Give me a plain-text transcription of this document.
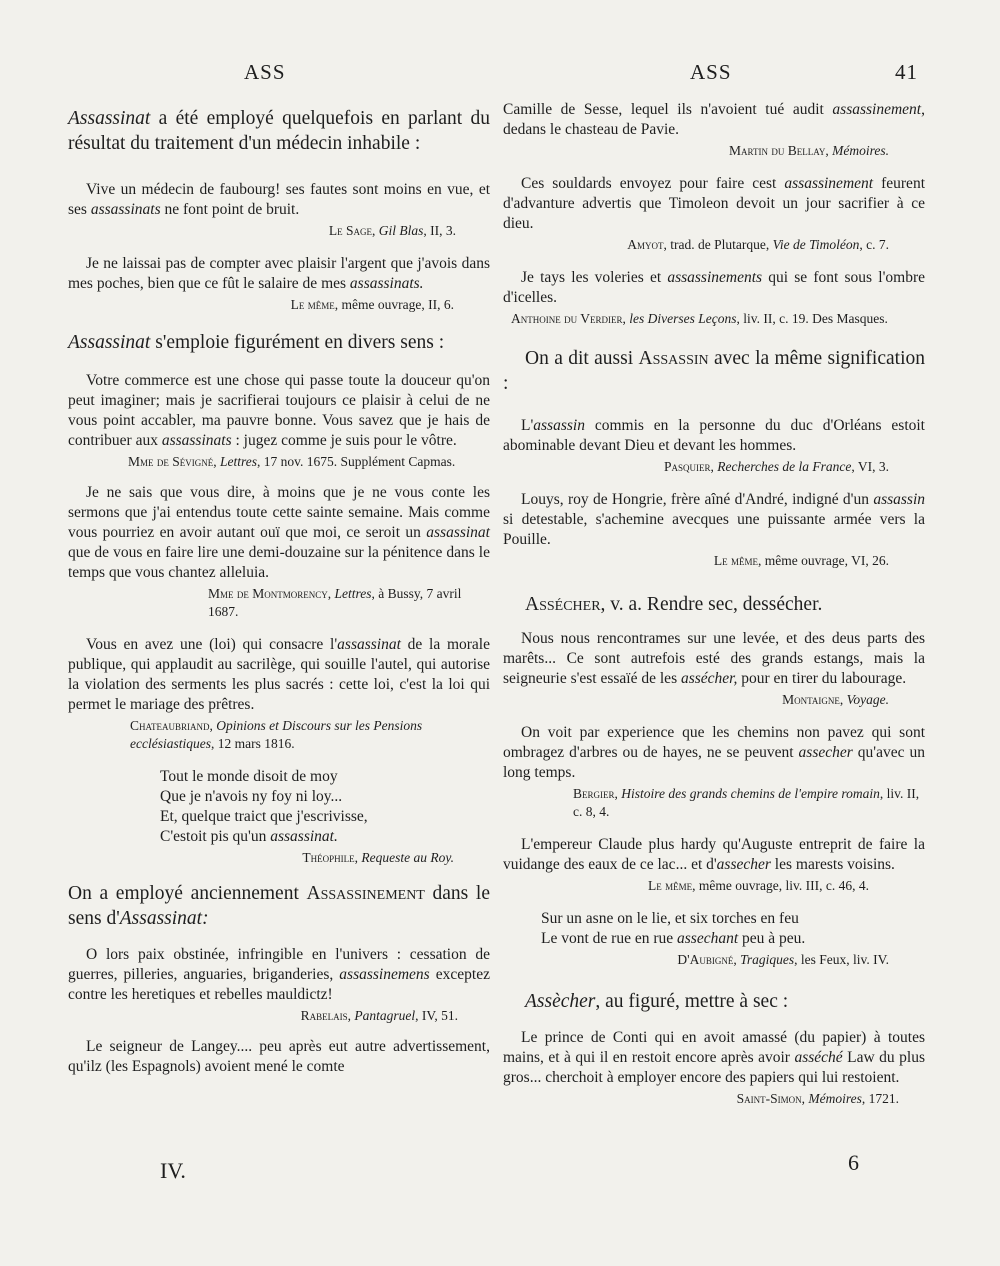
ASS	ASS	41
Assassinat a été employé quelquefois en parlant du résultat du traitement d'un médecin inhabile :
Vive un médecin de faubourg! ses fautes sont moins en vue, et ses assassinats ne font point de bruit.
Le Sage, Gil Blas, II, 3.
Je ne laissai pas de compter avec plaisir l'argent que j'avois dans mes poches, bien que ce fût le salaire de mes assassinats.
Le même, même ouvrage, II, 6.
Assassinat s'emploie figurément en divers sens :
Votre commerce est une chose qui passe toute la douceur qu'on peut imaginer; mais je sacrifierai toujours ce plaisir à celui de ne vous point accabler, ma pauvre bonne. Vous savez que je hais de contribuer aux assassinats : jugez comme je suis pour le vôtre.
Mme de Sévigné, Lettres, 17 nov. 1675. Supplément Capmas.
Je ne sais que vous dire, à moins que je ne vous conte les sermons que j'ai entendus toute cette sainte semaine. Mais comme vous pourriez en avoir autant ouï que moi, ce seroit un assassinat que de vous en faire lire une demi-douzaine sur la pénitence dans le temps que vous chantez alleluia.
Mme de Montmorency, Lettres, à Bussy, 7 avril 1687.
Vous en avez une (loi) qui consacre l'assassinat de la morale publique, qui applaudit au sacrilège, qui souille l'autel, qui autorise la violation des serments les plus sacrés : cette loi, c'est la loi qui permet le mariage des prêtres.
Chateaubriand, Opinions et Discours sur les Pensions ecclésiastiques, 12 mars 1816.
Tout le monde disoit de moy
Que je n'avois ny foy ni loy...
Et, quelque traict que j'escrivisse,
C'estoit pis qu'un assassinat.
Théophile, Requeste au Roy.
On a employé anciennement Assassinement dans le sens d'Assassinat:
O lors paix obstinée, infringible en l'univers : cessation de guerres, pilleries, anguaries, briganderies, assassinemens exceptez contre les heretiques et rebelles mauldictz!
Rabelais, Pantagruel, IV, 51.
Le seigneur de Langey.... peu après eut autre advertissement, qu'ilz (les Espagnols) avoient mené le comte
Camille de Sesse, lequel ils n'avoient tué audit assassinement, dedans le chasteau de Pavie.
Martin du Bellay, Mémoires.
Ces souldards envoyez pour faire cest assassinement feurent d'advanture advertis que Timoleon devoit un jour sacrifier à ce dieu.
Amyot, trad. de Plutarque, Vie de Timoléon, c. 7.
Je tays les voleries et assassinements qui se font sous l'ombre d'icelles.
Anthoine du Verdier, les Diverses Leçons, liv. II, c. 19. Des Masques.
On a dit aussi Assassin avec la même signification :
L'assassin commis en la personne du duc d'Orléans estoit abominable devant Dieu et devant les hommes.
Pasquier, Recherches de la France, VI, 3.
Louys, roy de Hongrie, frère aîné d'André, indigné d'un assassin si detestable, s'achemine avecques une puissante armée vers la Pouille.
Le même, même ouvrage, VI, 26.
Assécher, v. a. Rendre sec, dessécher.
Nous nous rencontrames sur une levée, et des deus parts des marêts... Ce sont autrefois esté des grands estangs, mais la seigneurie s'est essaïé de les assécher, pour en tirer du labourage.
Montaigne, Voyage.
On voit par experience que les chemins non pavez qui sont ombragez d'arbres ou de hayes, ne se peuvent assecher qu'avec un long temps.
Bergier, Histoire des grands chemins de l'empire romain, liv. II, c. 8, 4.
L'empereur Claude plus hardy qu'Auguste entreprit de faire la vuidange des eaux de ce lac... et d'assecher les marests voisins.
Le même, même ouvrage, liv. III, c. 46, 4.
Sur un asne on le lie, et six torches en feu
Le vont de rue en rue assechant peu à peu.
D'Aubigné, Tragiques, les Feux, liv. IV.
Assècher, au figuré, mettre à sec :
Le prince de Conti qui en avoit amassé (du papier) à toutes mains, et à qui il en restoit encore après avoir asséché Law du plus gros... cherchoit à employer encore des papiers qui lui restoient.
Saint-Simon, Mémoires, 1721.
IV.	6
